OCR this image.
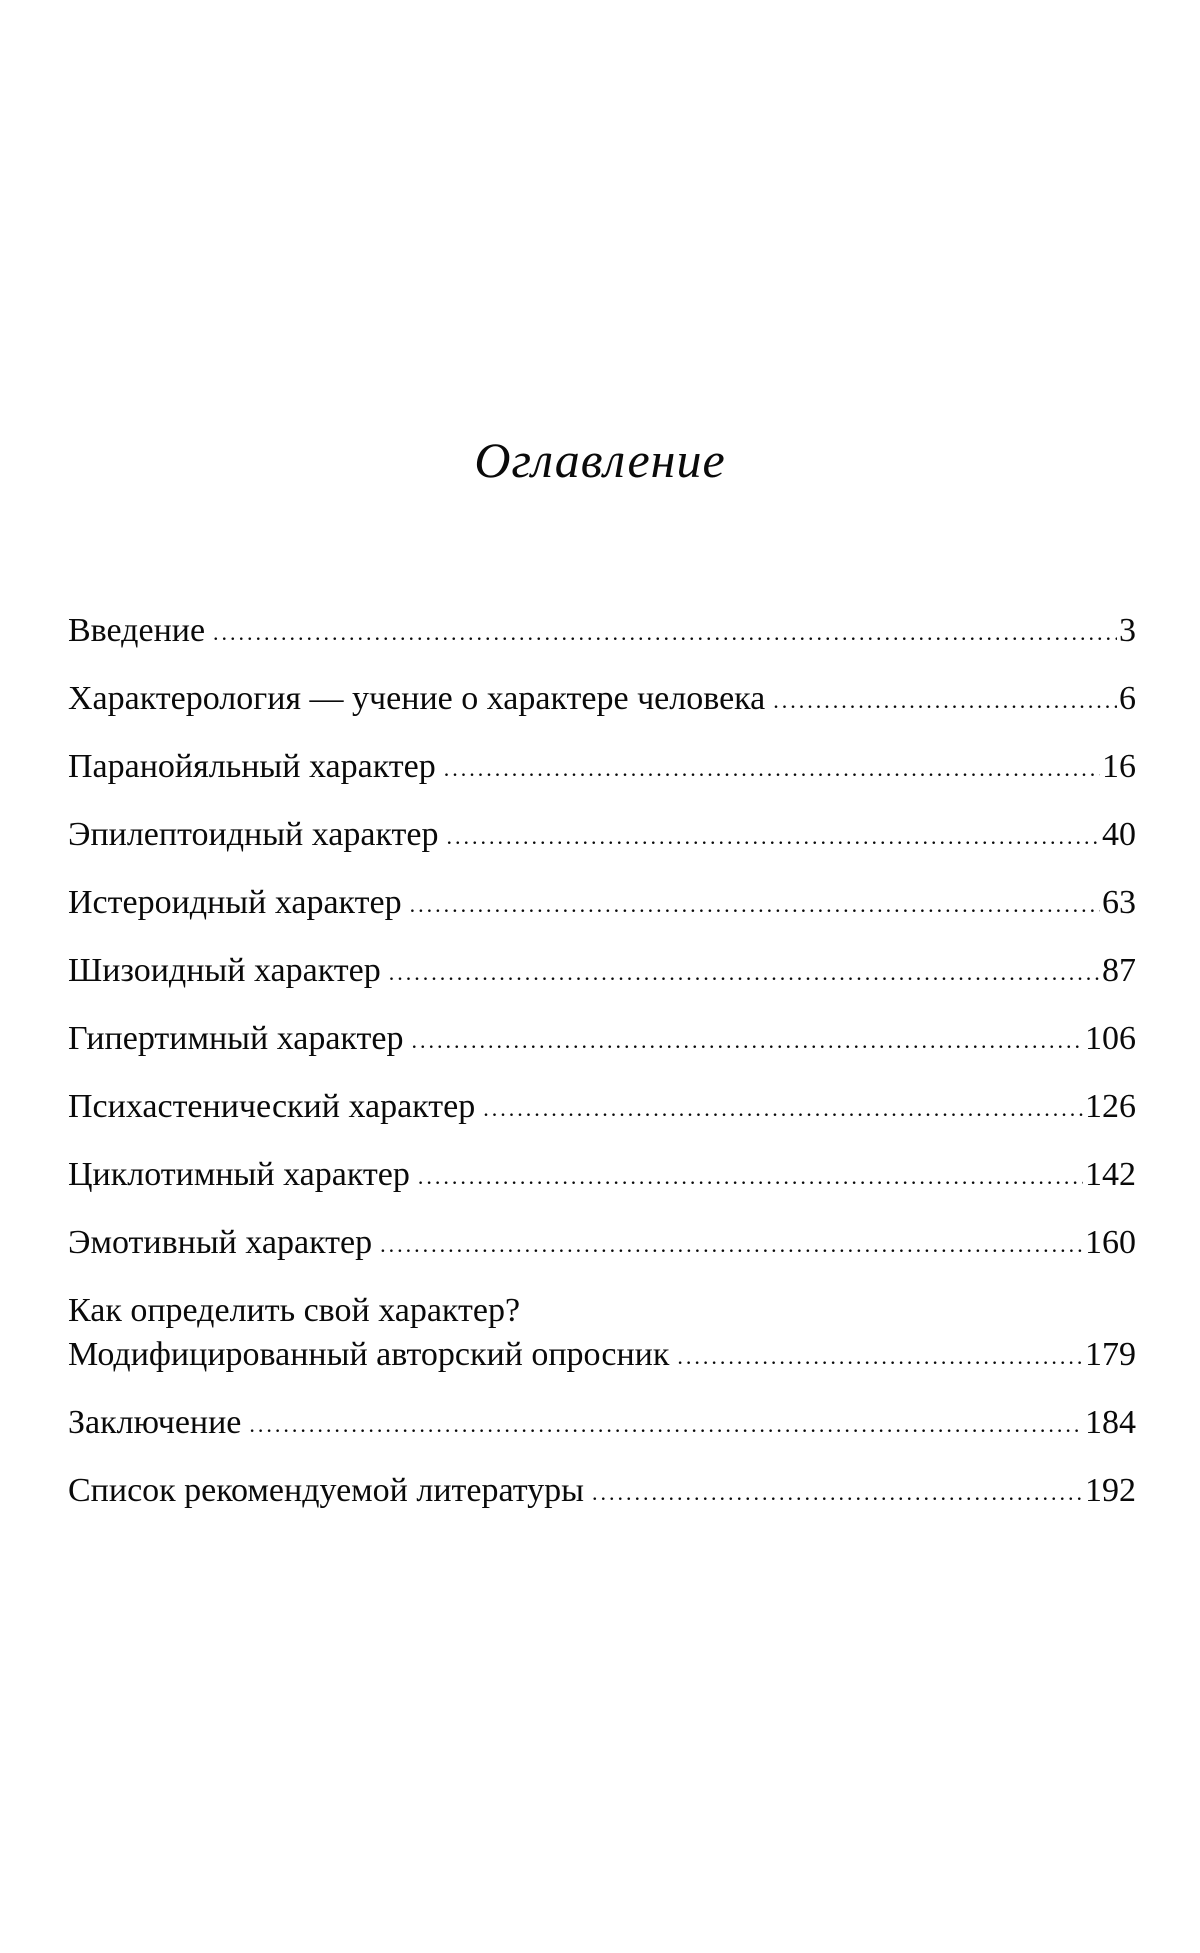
Оглавление
Введение .....	3
Характерология — учение о характере человека .....	6
Паранойяльный характер .....	16
Эпилептоидный характер .....	40
Истероидный характер .....	63
Шизоидный характер .....	87
Гипертимный характер .....	106
Психастенический характер .....	126
Циклотимный характер .....	142
Эмотивный характер .....	160
Как определить свой характер?
Модифицированный авторский опросник .....	179
Заключение .....	184
Список рекомендуемой литературы .....	192
